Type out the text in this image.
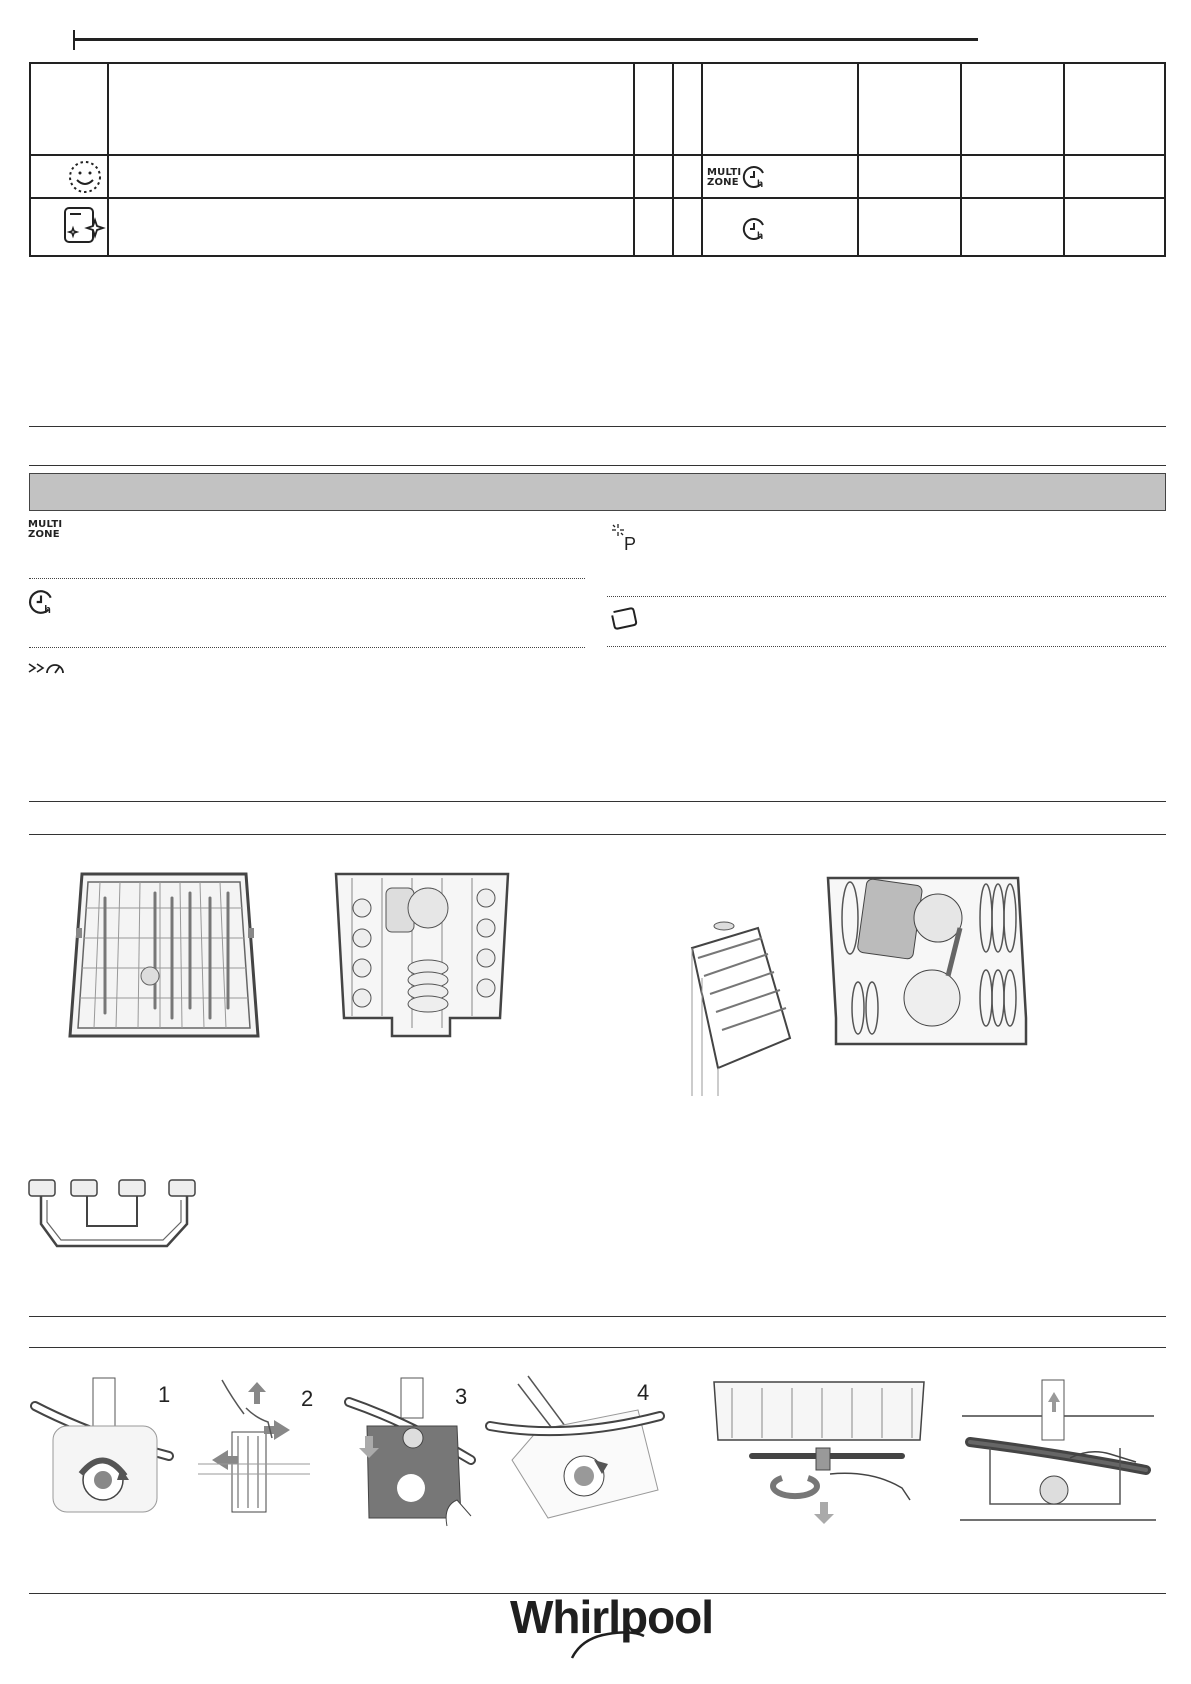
MULTI ZONE h
h
MULTI ZONE
h
P
1	2	3	4
Whirlpool
